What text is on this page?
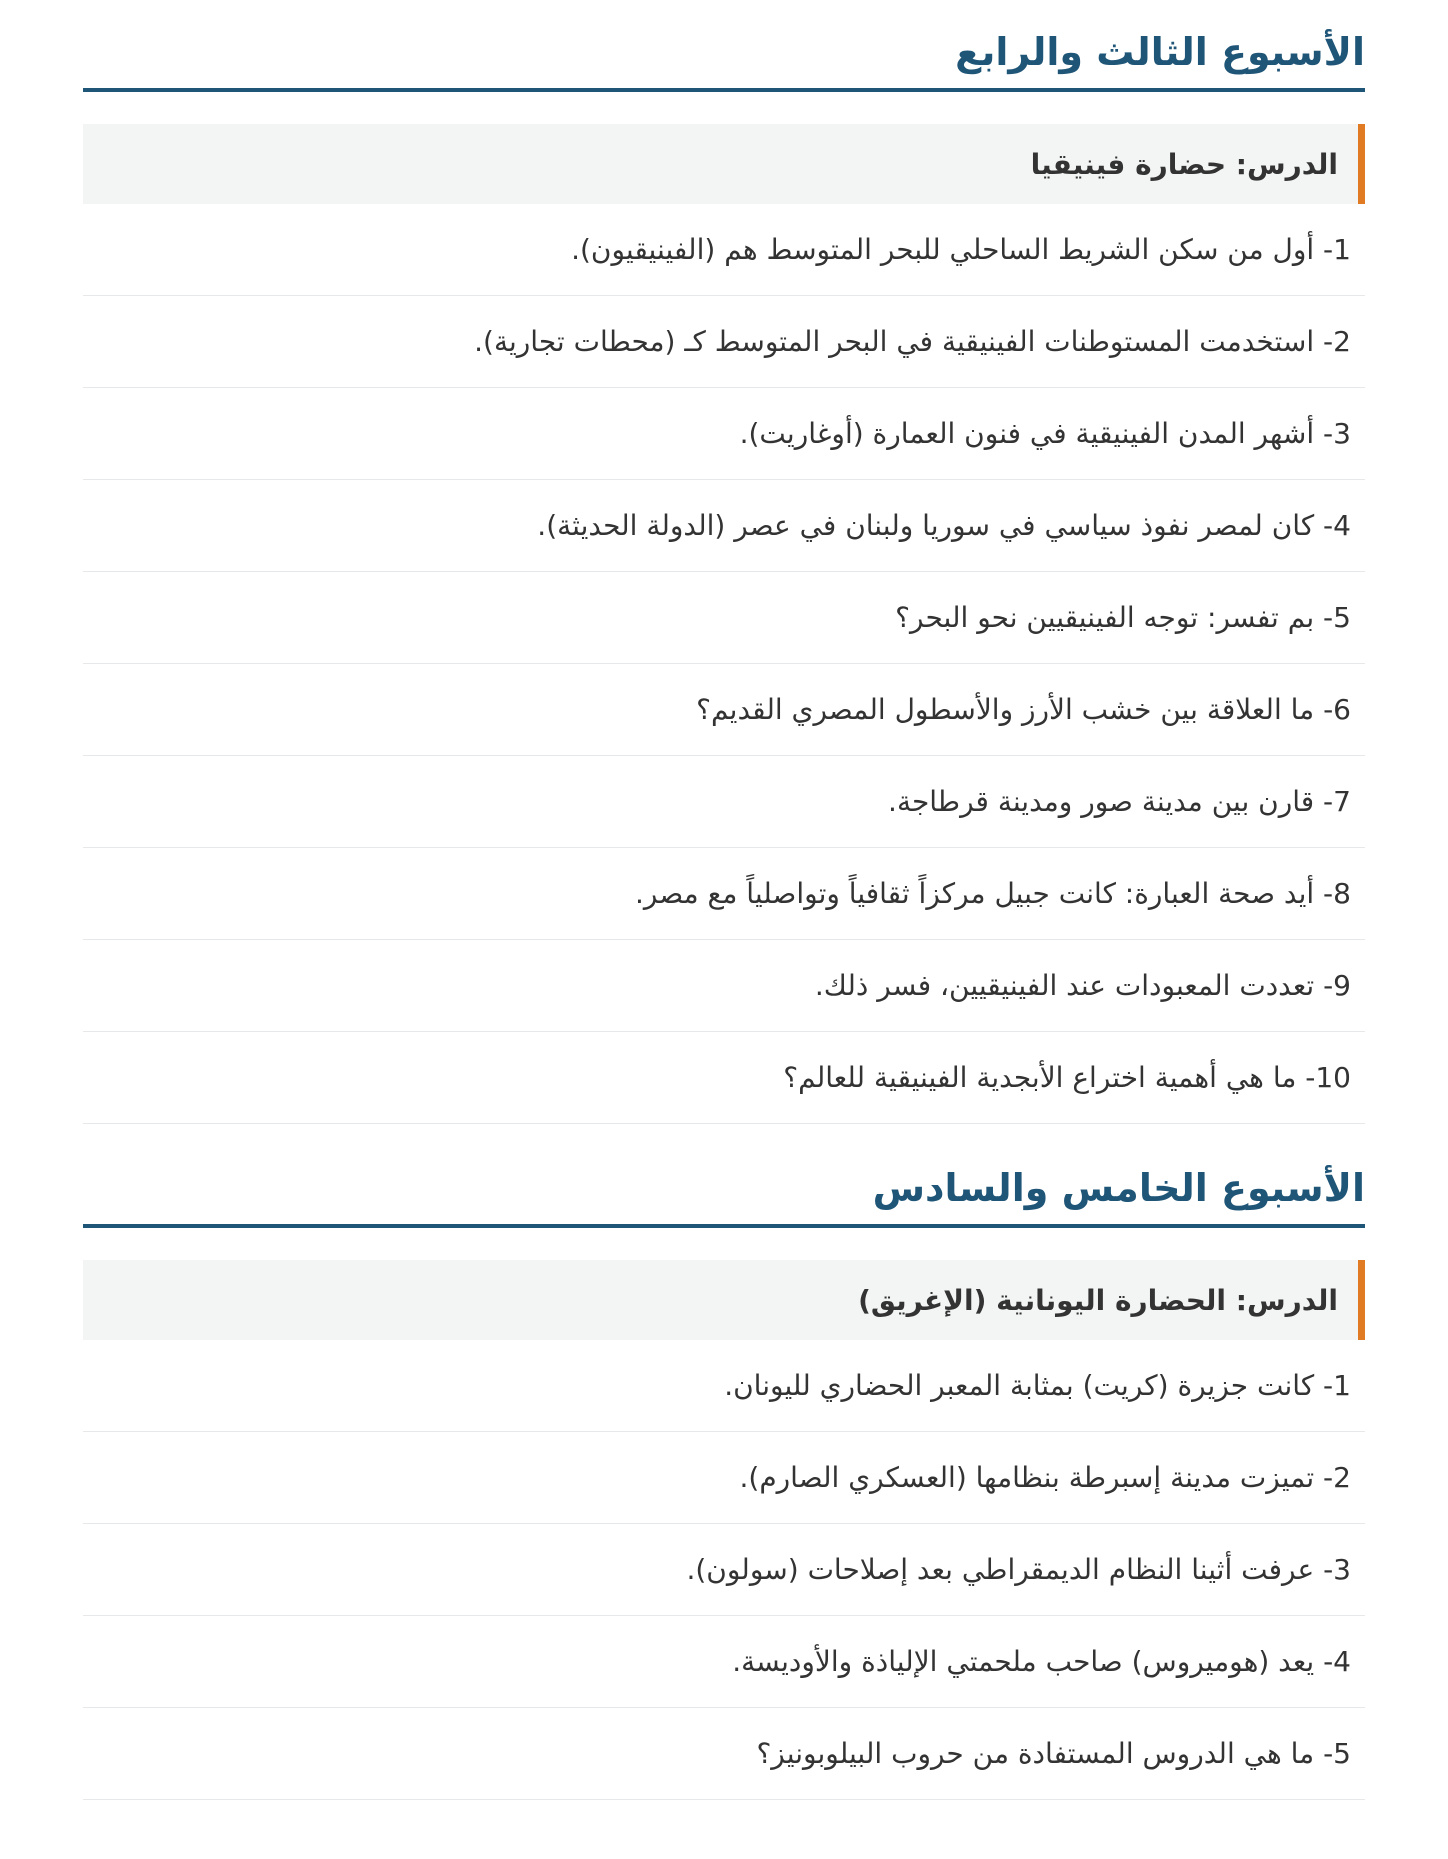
الأسبوع الثالث والرابع
الدرس: حضارة فينيقيا
1- أول من سكن الشريط الساحلي للبحر المتوسط هم (الفينيقيون).
2- استخدمت المستوطنات الفينيقية في البحر المتوسط كـ (محطات تجارية).
3- أشهر المدن الفينيقية في فنون العمارة (أوغاريت).
4- كان لمصر نفوذ سياسي في سوريا ولبنان في عصر (الدولة الحديثة).
5- بم تفسر: توجه الفينيقيين نحو البحر؟
6- ما العلاقة بين خشب الأرز والأسطول المصري القديم؟
7- قارن بين مدينة صور ومدينة قرطاجة.
8- أيد صحة العبارة: كانت جبيل مركزاً ثقافياً وتواصلياً مع مصر.
9- تعددت المعبودات عند الفينيقيين، فسر ذلك.
10- ما هي أهمية اختراع الأبجدية الفينيقية للعالم؟
الأسبوع الخامس والسادس
الدرس: الحضارة اليونانية (الإغريق)
1- كانت جزيرة (كريت) بمثابة المعبر الحضاري لليونان.
2- تميزت مدينة إسبرطة بنظامها (العسكري الصارم).
3- عرفت أثينا النظام الديمقراطي بعد إصلاحات (سولون).
4- يعد (هوميروس) صاحب ملحمتي الإلياذة والأوديسة.
5- ما هي الدروس المستفادة من حروب البيلوبونيز؟
